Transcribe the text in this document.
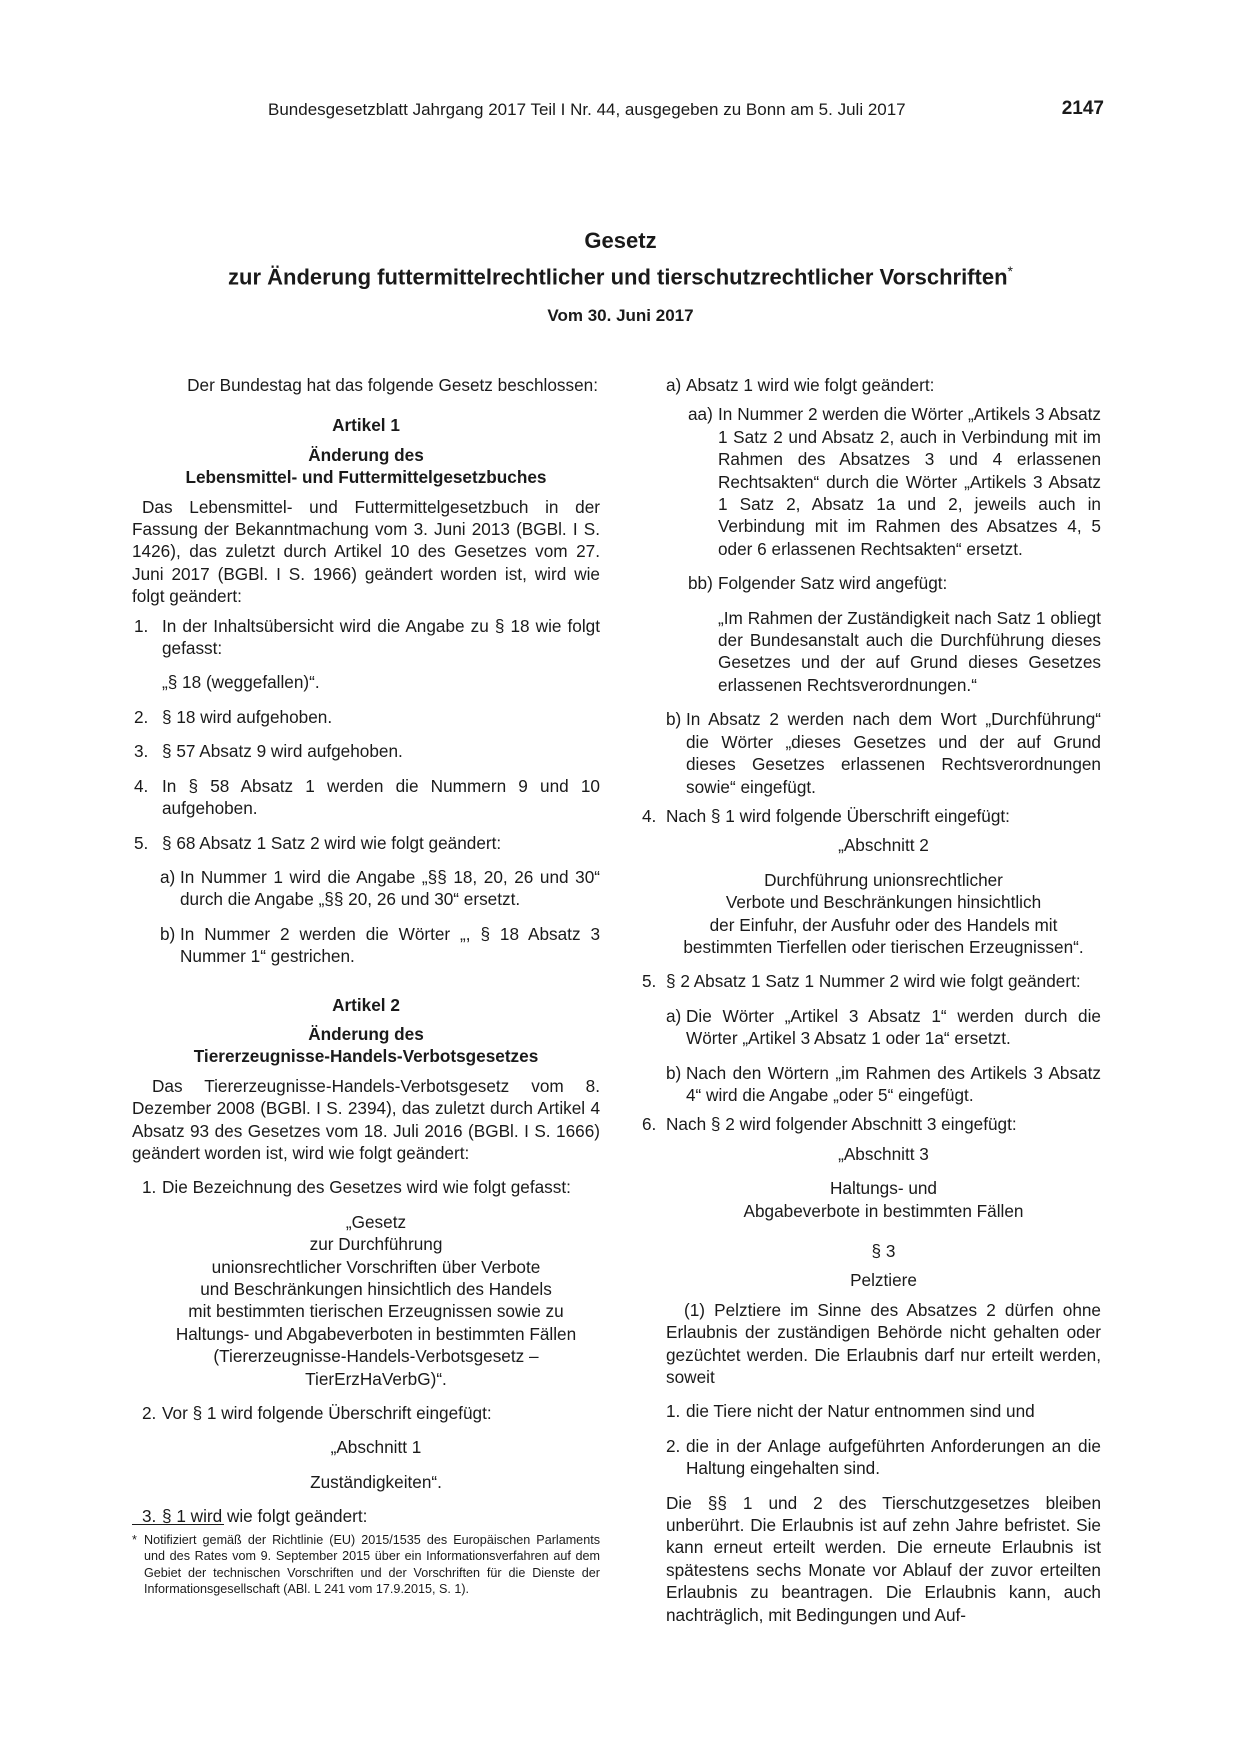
Bundesgesetzblatt Jahrgang 2017 Teil I Nr. 44, ausgegeben zu Bonn am 5. Juli 2017	2147
Gesetz
zur Änderung futtermittelrechtlicher und tierschutzrechtlicher Vorschriften*
Vom 30. Juni 2017

Der Bundestag hat das folgende Gesetz beschlossen:

Artikel 1

Änderung des

Lebensmittel- und Futtermittelgesetzbuches

Das Lebensmittel- und Futtermittelgesetzbuch in der Fassung der Bekanntmachung vom 3. Juni 2013 (BGBl. I S. 1426), das zuletzt durch Artikel 10 des Gesetzes vom 27. Juni 2017 (BGBl. I S. 1966) geändert worden ist, wird wie folgt geändert:

1. In der Inhaltsübersicht wird die Angabe zu § 18 wie folgt gefasst:

„§ 18 (weggefallen)“.

2. § 18 wird aufgehoben.
3. § 57 Absatz 9 wird aufgehoben.
4. In § 58 Absatz 1 werden die Nummern 9 und 10 aufgehoben.
5. § 68 Absatz 1 Satz 2 wird wie folgt geändert:
a) In Nummer 1 wird die Angabe „§§ 18, 20, 26 und 30“ durch die Angabe „§§ 20, 26 und 30“ ersetzt.
b) In Nummer 2 werden die Wörter „, § 18 Absatz 3 Nummer 1“ gestrichen.

Artikel 2

Änderung des

Tiererzeugnisse-Handels-Verbotsgesetzes

Das Tiererzeugnisse-Handels-Verbotsgesetz vom 8. Dezember 2008 (BGBl. I S. 2394), das zuletzt durch Artikel 4 Absatz 93 des Gesetzes vom 18. Juli 2016 (BGBl. I S. 1666) geändert worden ist, wird wie folgt geändert:

1. Die Bezeichnung des Gesetzes wird wie folgt gefasst:

„Gesetz

zur Durchführung

unionsrechtlicher Vorschriften über Verbote

und Beschränkungen hinsichtlich des Handels

mit bestimmten tierischen Erzeugnissen sowie zu

Haltungs- und Abgabeverboten in bestimmten Fällen

(Tiererzeugnisse-Handels-Verbotsgesetz –

TierErzHaVerbG)“.

2. Vor § 1 wird folgende Überschrift eingefügt:

„Abschnitt 1

Zuständigkeiten“.

3. § 1 wird wie folgt geändert:
a) Absatz 1 wird wie folgt geändert:
aa) In Nummer 2 werden die Wörter „Artikels 3 Absatz 1 Satz 2 und Absatz 2, auch in Verbindung mit im Rahmen des Absatzes 3 und 4 erlassenen Rechtsakten“ durch die Wörter „Artikels 3 Absatz 1 Satz 2, Absatz 1a und 2, jeweils auch in Verbindung mit im Rahmen des Absatzes 4, 5 oder 6 erlassenen Rechtsakten“ ersetzt.
bb) Folgender Satz wird angefügt:

„Im Rahmen der Zuständigkeit nach Satz 1 obliegt der Bundesanstalt auch die Durchführung dieses Gesetzes und der auf Grund dieses Gesetzes erlassenen Rechtsverordnungen.“

b) In Absatz 2 werden nach dem Wort „Durchführung“ die Wörter „dieses Gesetzes und der auf Grund dieses Gesetzes erlassenen Rechtsverordnungen sowie“ eingefügt.
4. Nach § 1 wird folgende Überschrift eingefügt:

„Abschnitt 2

Durchführung unionsrechtlicher

Verbote und Beschränkungen hinsichtlich

der Einfuhr, der Ausfuhr oder des Handels mit

bestimmten Tierfellen oder tierischen Erzeugnissen“.

5. § 2 Absatz 1 Satz 1 Nummer 2 wird wie folgt geändert:
a) Die Wörter „Artikel 3 Absatz 1“ werden durch die Wörter „Artikel 3 Absatz 1 oder 1a“ ersetzt.
b) Nach den Wörtern „im Rahmen des Artikels 3 Absatz 4“ wird die Angabe „oder 5“ eingefügt.
6. Nach § 2 wird folgender Abschnitt 3 eingefügt:

„Abschnitt 3

Haltungs- und

Abgabeverbote in bestimmten Fällen

§ 3

Pelztiere

(1) Pelztiere im Sinne des Absatzes 2 dürfen ohne Erlaubnis der zuständigen Behörde nicht gehalten oder gezüchtet werden. Die Erlaubnis darf nur erteilt werden, soweit

1. die Tiere nicht der Natur entnommen sind und
2. die in der Anlage aufgeführten Anforderungen an die Haltung eingehalten sind.

Die §§ 1 und 2 des Tierschutzgesetzes bleiben unberührt. Die Erlaubnis ist auf zehn Jahre befristet. Sie kann erneut erteilt werden. Die erneute Erlaubnis ist spätestens sechs Monate vor Ablauf der zuvor erteilten Erlaubnis zu beantragen. Die Erlaubnis kann, auch nachträglich, mit Bedingungen und Auf-

* Notifiziert gemäß der Richtlinie (EU) 2015/1535 des Europäischen Parlaments und des Rates vom 9. September 2015 über ein Informationsverfahren auf dem Gebiet der technischen Vorschriften und der Vorschriften für die Dienste der Informationsgesellschaft (ABl. L 241 vom 17.9.2015, S. 1).
